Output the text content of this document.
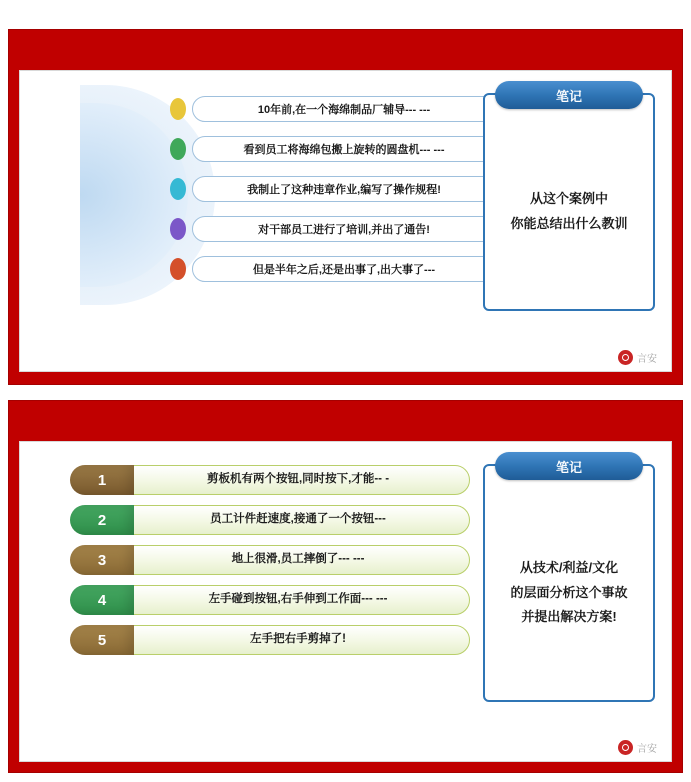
10年前,在一个海绵制品厂辅导--- ---
看到员工将海绵包搬上旋转的圆盘机--- ---
我制止了这种违章作业,编写了操作规程!
对干部员工进行了培训,并出了通告!
但是半年之后,还是出事了,出大事了---
笔记
从这个案例中
你能总结出什么教训
言安
1	剪板机有两个按钮,同时按下,才能-- -
2	员工计件赶速度,接通了一个按钮---
3	地上很滑,员工摔倒了--- ---
4	左手碰到按钮,右手伸到工作面--- ---
5	左手把右手剪掉了!
笔记
从技术/利益/文化
的层面分析这个事故
并提出解决方案!
言安
